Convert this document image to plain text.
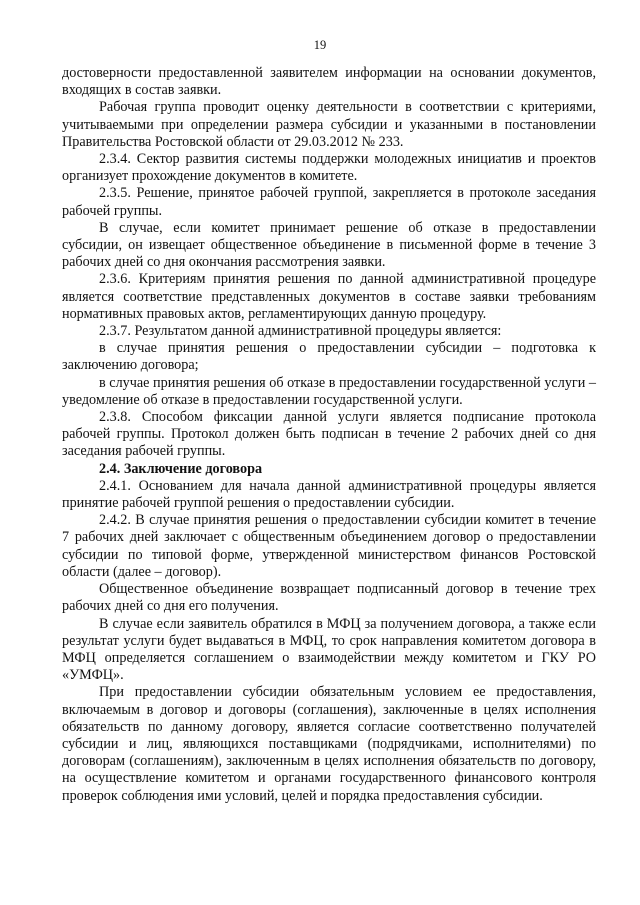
19

достоверности предоставленной заявителем информации на основании документов, входящих в состав заявки.

Рабочая группа проводит оценку деятельности в соответствии с критериями, учитываемыми при определении размера субсидии и указанными в постановлении Правительства Ростовской области от 29.03.2012 № 233.

2.3.4. Сектор развития системы поддержки молодежных инициатив и проектов организует прохождение документов в комитете.

2.3.5. Решение, принятое рабочей группой, закрепляется в протоколе заседания рабочей группы.

В случае, если комитет принимает решение об отказе в предоставлении субсидии, он извещает общественное объединение в письменной форме в течение 3 рабочих дней со дня окончания рассмотрения заявки.

2.3.6. Критериям принятия решения по данной административной процедуре является соответствие представленных документов в составе заявки требованиям нормативных правовых актов, регламентирующих данную процедуру.

2.3.7. Результатом данной административной процедуры является:

в случае принятия решения о предоставлении субсидии – подготовка к заключению договора;

в случае принятия решения об отказе в предоставлении государственной услуги – уведомление об отказе в предоставлении государственной услуги.

2.3.8. Способом фиксации данной услуги является подписание протокола рабочей группы. Протокол должен быть подписан в течение 2 рабочих дней со дня заседания рабочей группы.

2.4. Заключение договора

2.4.1. Основанием для начала данной административной процедуры является принятие рабочей группой решения о предоставлении субсидии.

2.4.2. В случае принятия решения о предоставлении субсидии комитет в течение 7 рабочих дней заключает с общественным объединением договор о предоставлении субсидии по типовой форме, утвержденной министерством финансов Ростовской области (далее – договор).

Общественное объединение возвращает подписанный договор в течение трех рабочих дней со дня его получения.

В случае если заявитель обратился в МФЦ за получением договора, а также если результат услуги будет выдаваться в МФЦ, то срок направления комитетом договора в МФЦ определяется соглашением о взаимодействии между комитетом и ГКУ РО «УМФЦ».

При предоставлении субсидии обязательным условием ее предоставления, включаемым в договор и договоры (соглашения), заключенные в целях исполнения обязательств по данному договору, является согласие соответственно получателей субсидии и лиц, являющихся поставщиками (подрядчиками, исполнителями) по договорам (соглашениям), заключенным в целях исполнения обязательств по договору, на осуществление комитетом и органами государственного финансового контроля проверок соблюдения ими условий, целей и порядка предоставления субсидии.
